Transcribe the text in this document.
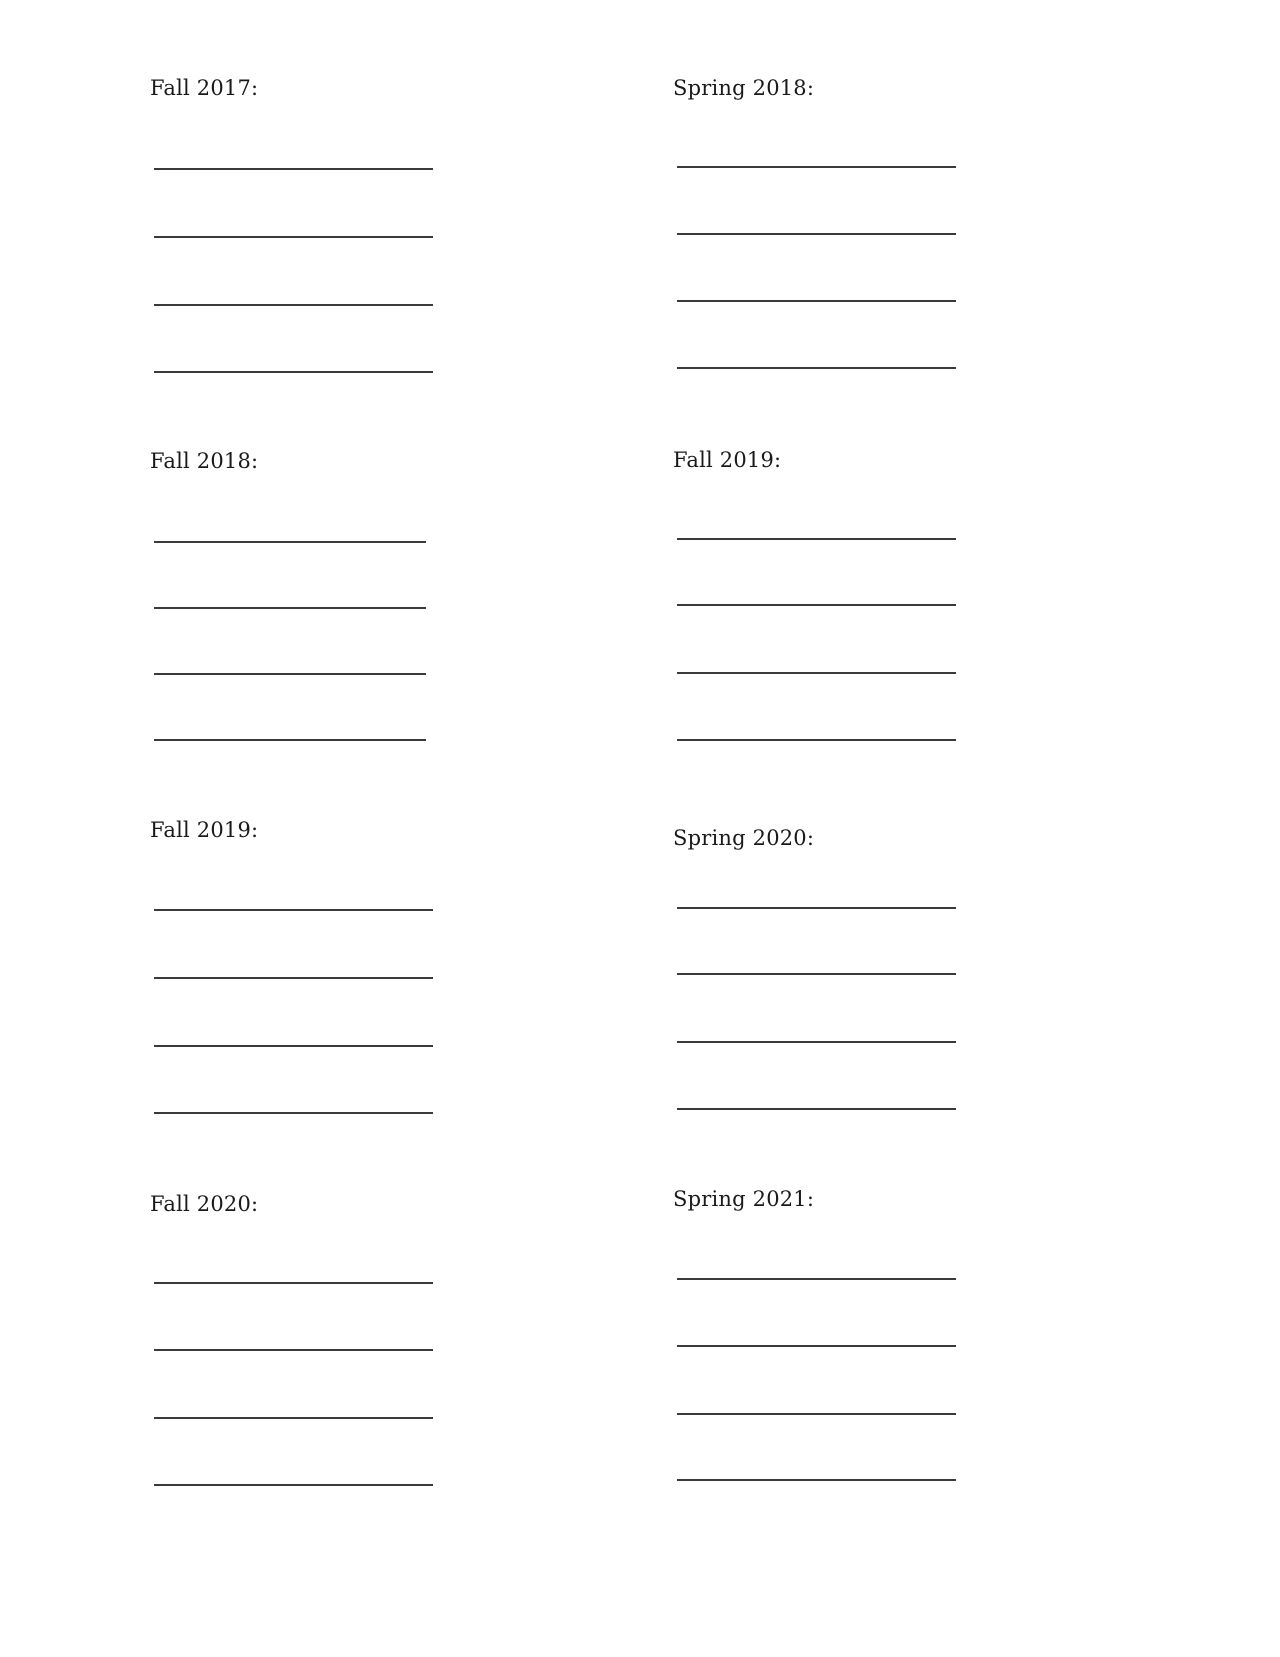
Fall 2017:	Spring 2018:
Fall 2018:	Fall 2019:
Fall 2019:	Spring 2020:
Fall 2020:	Spring 2021:
